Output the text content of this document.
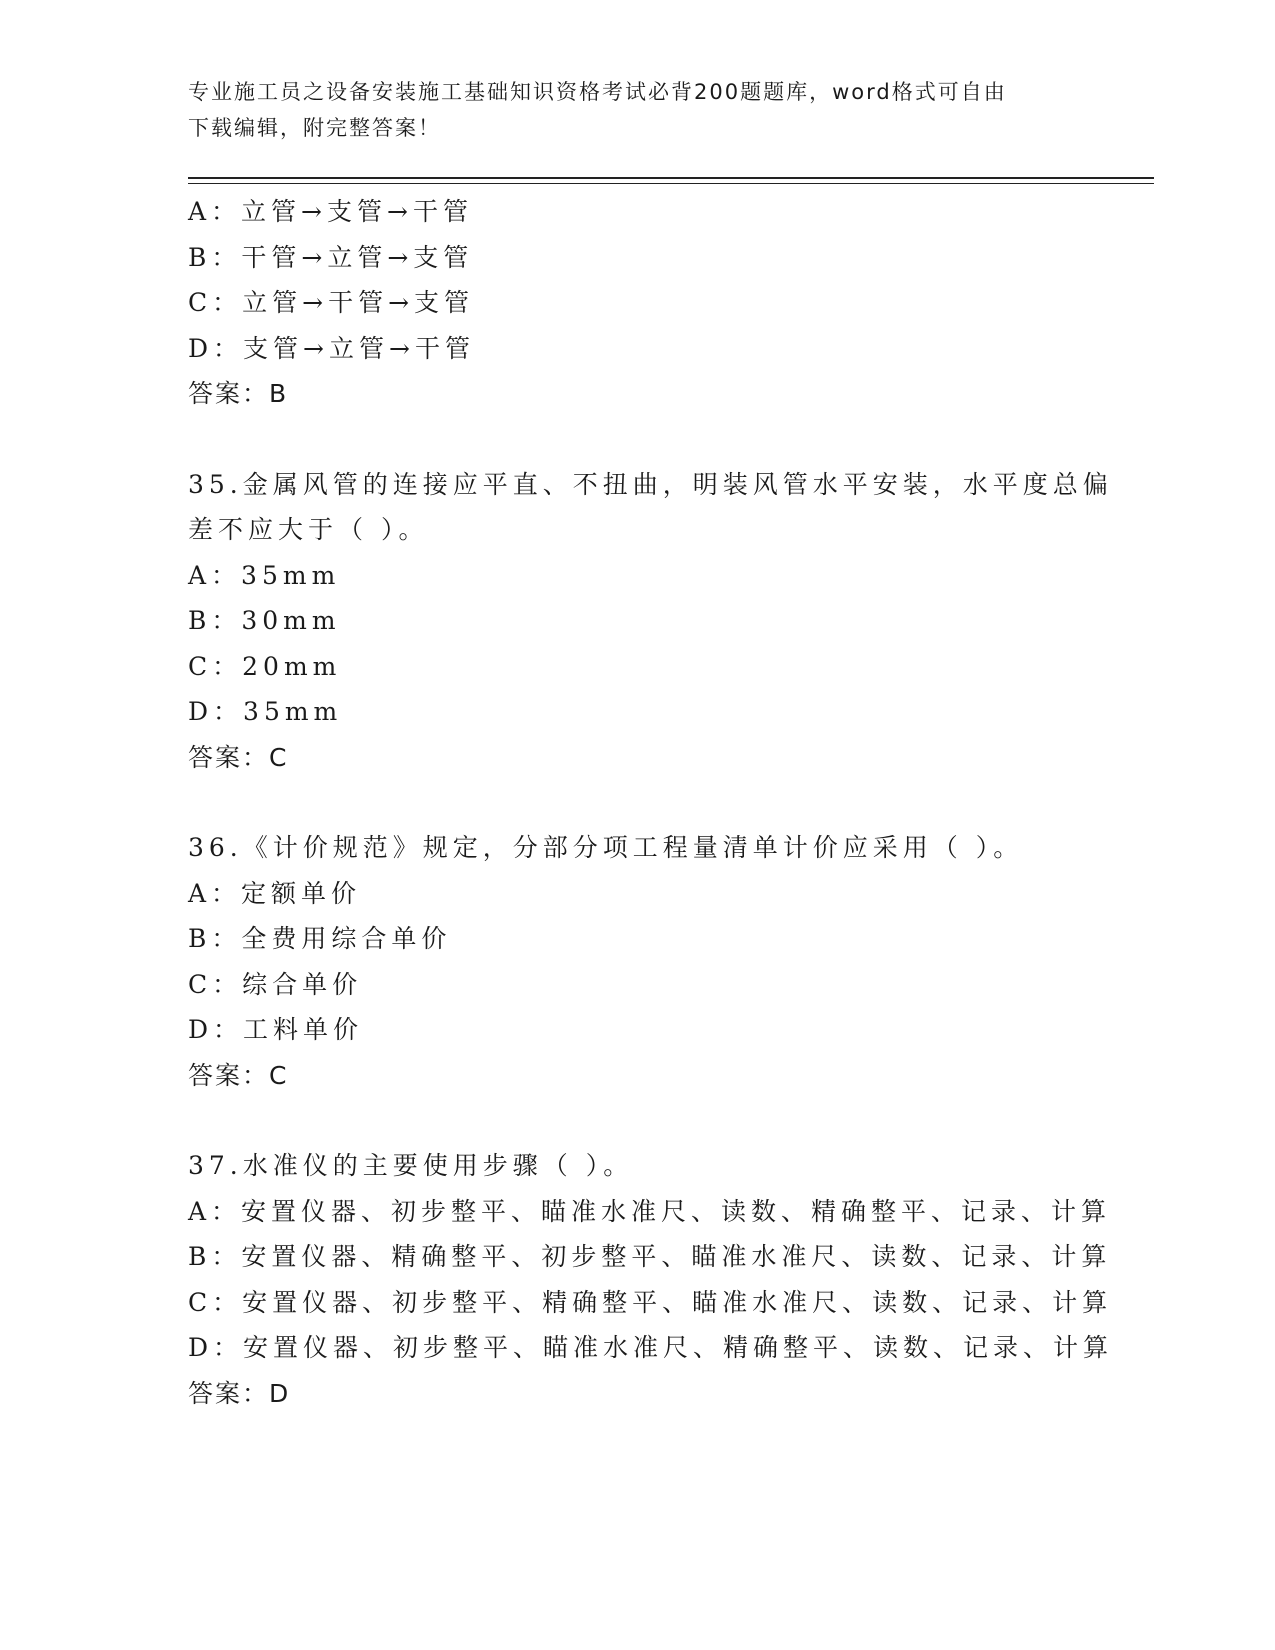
专业施工员之设备安装施工基础知识资格考试必背200题题库，word格式可自由
下载编辑，附完整答案！
A：立管→支管→干管
B：干管→立管→支管
C：立管→干管→支管
D：支管→立管→干管
答案：B
35.金属风管的连接应平直、不扭曲，明装风管水平安装，水平度总偏
差不应大于（ ）。
A：35mm
B：30mm
C：20mm
D：35mm
答案：C
36.《计价规范》规定，分部分项工程量清单计价应采用（ ）。
A：定额单价
B：全费用综合单价
C：综合单价
D：工料单价
答案：C
37.水准仪的主要使用步骤（ ）。
A：安置仪器、初步整平、瞄准水准尺、读数、精确整平、记录、计算
B：安置仪器、精确整平、初步整平、瞄准水准尺、读数、记录、计算
C：安置仪器、初步整平、精确整平、瞄准水准尺、读数、记录、计算
D：安置仪器、初步整平、瞄准水准尺、精确整平、读数、记录、计算
答案：D
